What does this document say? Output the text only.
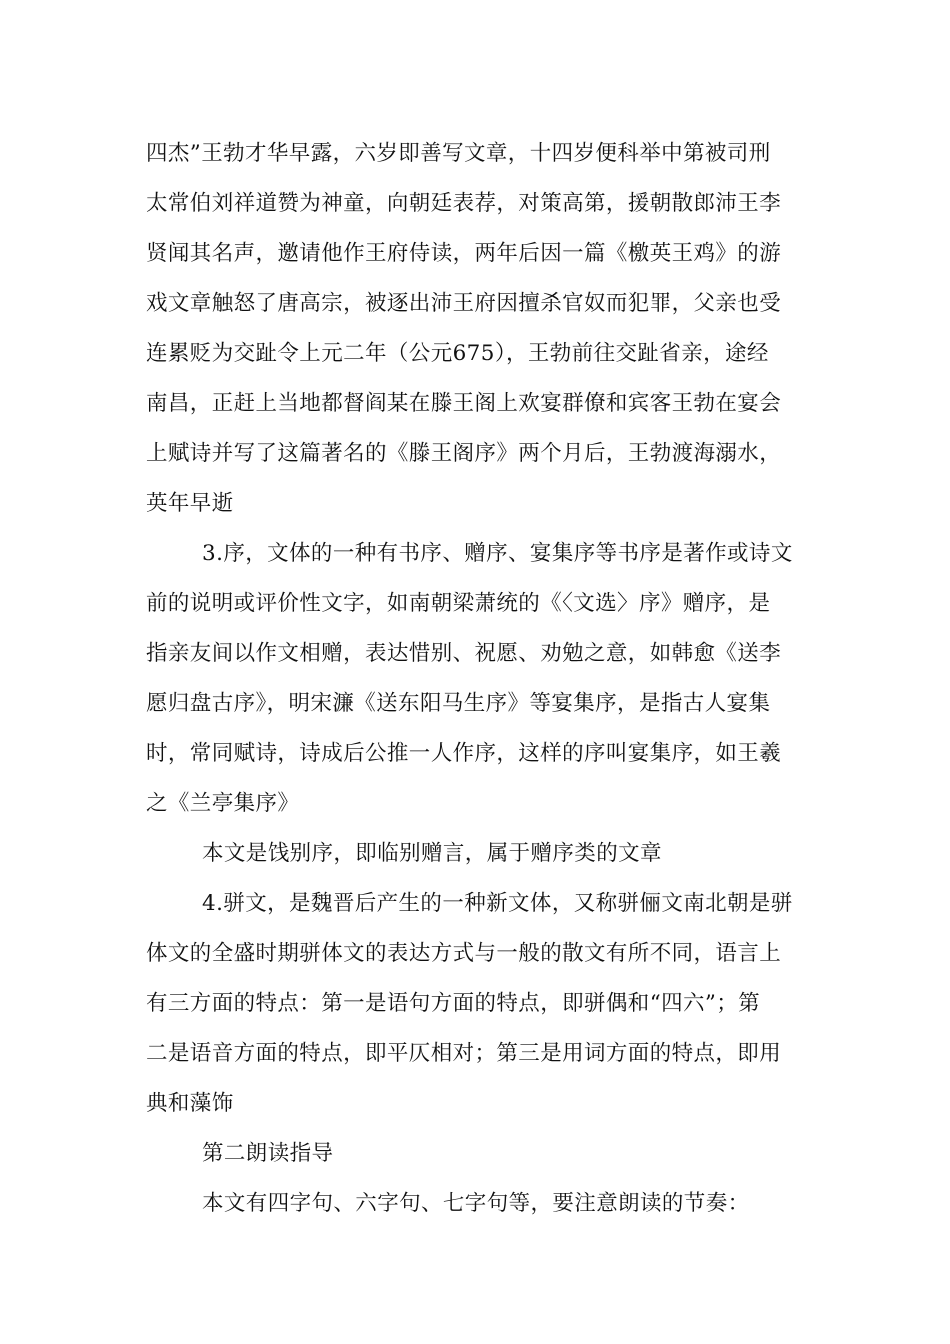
四杰”王勃才华早露，六岁即善写文章，十四岁便科举中第被司刑
太常伯刘祥道赞为神童，向朝廷表荐，对策高第，援朝散郎沛王李
贤闻其名声，邀请他作王府侍读，两年后因一篇《檄英王鸡》的游
戏文章触怒了唐高宗，被逐出沛王府因擅杀官奴而犯罪，父亲也受
连累贬为交趾令上元二年（公元675），王勃前往交趾省亲，途经
南昌，正赶上当地都督阎某在滕王阁上欢宴群僚和宾客王勃在宴会
上赋诗并写了这篇著名的《滕王阁序》两个月后，王勃渡海溺水，
英年早逝
3.序，文体的一种有书序、赠序、宴集序等书序是著作或诗文
前的说明或评价性文字，如南朝梁萧统的《〈文选〉序》赠序，是
指亲友间以作文相赠，表达惜别、祝愿、劝勉之意，如韩愈《送李
愿归盘古序》，明宋濂《送东阳马生序》等宴集序，是指古人宴集
时，常同赋诗，诗成后公推一人作序，这样的序叫宴集序，如王羲
之《兰亭集序》
本文是饯别序，即临别赠言，属于赠序类的文章
4.骈文，是魏晋后产生的一种新文体，又称骈俪文南北朝是骈
体文的全盛时期骈体文的表达方式与一般的散文有所不同，语言上
有三方面的特点：第一是语句方面的特点，即骈偶和“四六”；第
二是语音方面的特点，即平仄相对；第三是用词方面的特点，即用
典和藻饰
第二朗读指导
本文有四字句、六字句、七字句等，要注意朗读的节奏：
